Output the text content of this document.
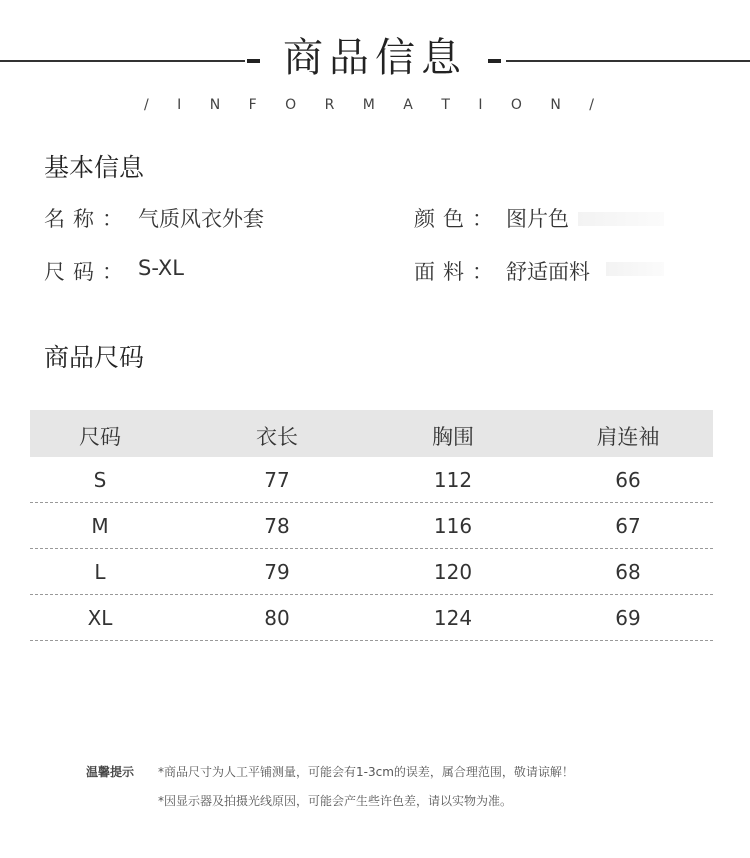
商品信息
/ I N F O R M A T I O N /
基本信息
名称 ： 气质风衣外套	颜色 ： 图片色
尺码 ： S-XL	面料 ： 舒适面料
商品尺码
尺码	衣长	胸围	肩连袖
S	77	112	66
M	78	116	67
L	79	120	68
XL	80	124	69
温馨提示 *商品尺寸为人工平铺测量，可能会有1-3cm的误差，属合理范围，敬请谅解！
*因显示器及拍摄光线原因，可能会产生些许色差，请以实物为准。
